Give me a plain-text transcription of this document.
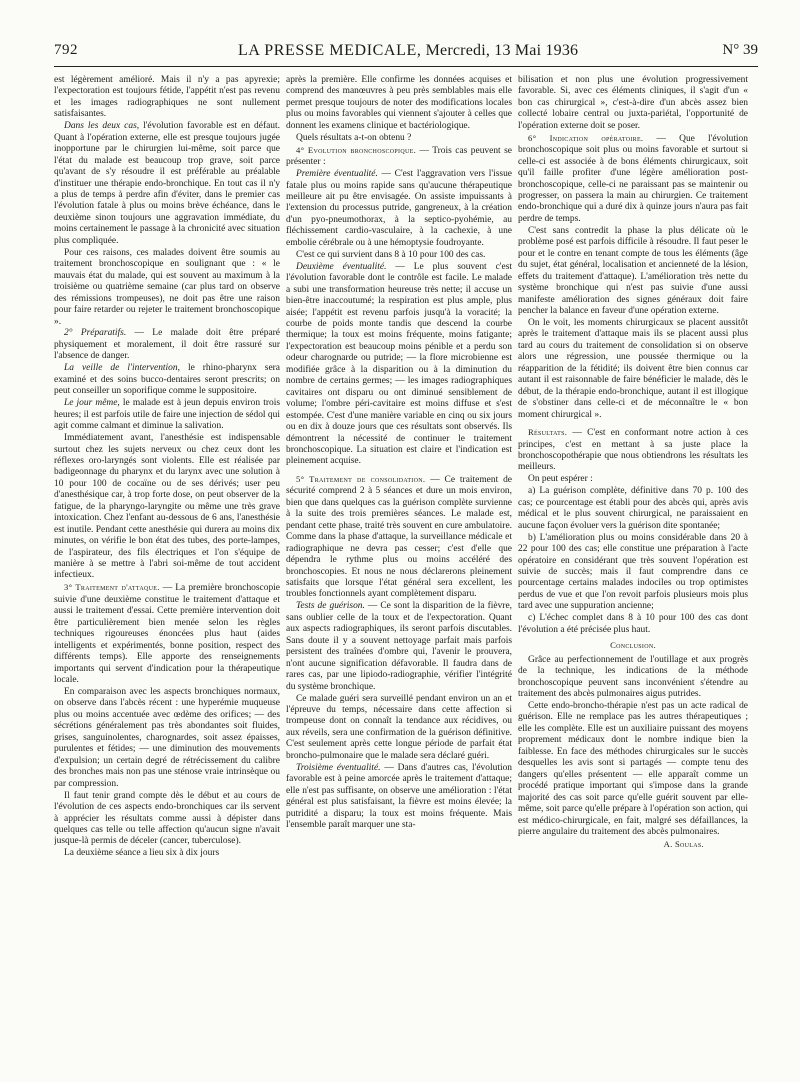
792	LA PRESSE MEDICALE, Mercredi, 13 Mai 1936	N° 39

est légèrement amélioré. Mais il n'y a pas apyrexie; l'expectoration est toujours fétide, l'appétit n'est pas revenu et les images radiographiques ne sont nullement satisfaisantes.

Dans les deux cas, l'évolution favorable est en défaut. Quant à l'opération externe, elle est presque toujours jugée inopportune par le chirurgien lui-même, soit parce que l'état du malade est beaucoup trop grave, soit parce qu'avant de s'y résoudre il est préférable au préalable d'instituer une thérapie endo-bronchique. En tout cas il n'y a plus de temps à perdre afin d'éviter, dans le premier cas l'évolution fatale à plus ou moins brève échéance, dans le deuxième sinon toujours une aggravation immédiate, du moins certainement le passage à la chronicité avec situation plus compliquée.

Pour ces raisons, ces malades doivent être soumis au traitement bronchoscopique en soulignant que : « le mauvais état du malade, qui est souvent au maximum à la troisième ou quatrième semaine (car plus tard on observe des rémissions trompeuses), ne doit pas être une raison pour faire retarder ou rejeter le traitement bronchoscopique ».

2° Préparatifs. — Le malade doit être préparé physiquement et moralement, il doit être rassuré sur l'absence de danger.

La veille de l'intervention, le rhino-pharynx sera examiné et des soins bucco-dentaires seront prescrits; on peut conseiller un soporifique comme le suppositoire.

Le jour même, le malade est à jeun depuis environ trois heures; il est parfois utile de faire une injection de sédol qui agit comme calmant et diminue la salivation.

Immédiatement avant, l'anesthésie est indispensable surtout chez les sujets nerveux ou chez ceux dont les réflexes oro-laryngés sont violents. Elle est réalisée par badigeonnage du pharynx et du larynx avec une solution à 10 pour 100 de cocaïne ou de ses dérivés; user peu d'anesthésique car, à trop forte dose, on peut observer de la fatigue, de la pharyngo-laryngite ou même une très grave intoxication. Chez l'enfant au-dessous de 6 ans, l'anesthésie est inutile. Pendant cette anesthésie qui durera au moins dix minutes, on vérifie le bon état des tubes, des porte-lampes, de l'aspirateur, des fils électriques et l'on s'équipe de manière à se mettre à l'abri soi-même de tout accident infectieux.

3° Traitement d'attaque. — La première bronchoscopie suivie d'une deuxième constitue le traitement d'attaque et aussi le traitement d'essai. Cette première intervention doit être particulièrement bien menée selon les règles techniques rigoureuses énoncées plus haut (aides intelligents et expérimentés, bonne position, respect des différents temps). Elle apporte des renseignements importants qui servent d'indication pour la thérapeutique locale.

En comparaison avec les aspects bronchiques normaux, on observe dans l'abcès récent : une hyperémie muqueuse plus ou moins accentuée avec œdème des orifices; — des sécrétions généralement pas très abondantes soit fluides, grises, sanguinolentes, charognardes, soit assez épaisses, purulentes et fétides; — une diminution des mouvements d'expulsion; un certain degré de rétrécissement du calibre des bronches mais non pas une sténose vraie intrinsèque ou par compression.

Il faut tenir grand compte dès le début et au cours de l'évolution de ces aspects endo-bronchiques car ils servent à apprécier les résultats comme aussi à dépister dans quelques cas telle ou telle affection qu'aucun signe n'avait jusque-là permis de déceler (cancer, tuberculose).

La deuxième séance a lieu six à dix jours

après la première. Elle confirme les données acquises et comprend des manœuvres à peu près semblables mais elle permet presque toujours de noter des modifications locales plus ou moins favorables qui viennent s'ajouter à celles que donnent les examens clinique et bactériologique.

Quels résultats a-t-on obtenu ?

4° Evolution bronchoscopique. — Trois cas peuvent se présenter :

Première éventualité. — C'est l'aggravation vers l'issue fatale plus ou moins rapide sans qu'aucune thérapeutique meilleure ait pu être envisagée. On assiste impuissants à l'extension du processus putride, gangreneux, à la création d'un pyo-pneumothorax, à la septico-pyohémie, au fléchissement cardio-vasculaire, à la cachexie, à une embolie cérébrale ou à une hémoptysie foudroyante.

C'est ce qui survient dans 8 à 10 pour 100 des cas.

Deuxième éventualité. — Le plus souvent c'est l'évolution favorable dont le contrôle est facile. Le malade a subi une transformation heureuse très nette; il accuse un bien-être inaccoutumé; la respiration est plus ample, plus aisée; l'appétit est revenu parfois jusqu'à la voracité; la courbe de poids monte tandis que descend la courbe thermique; la toux est moins fréquente, moins fatigante; l'expectoration est beaucoup moins pénible et a perdu son odeur charognarde ou putride; — la flore microbienne est modifiée grâce à la disparition ou à la diminution du nombre de certains germes; — les images radiographiques cavitaires ont disparu ou ont diminué sensiblement de volume; l'ombre péri-cavitaire est moins diffuse et s'est estompée. C'est d'une manière variable en cinq ou six jours ou en dix à douze jours que ces résultats sont observés. Ils démontrent la nécessité de continuer le traitement bronchoscopique. La situation est claire et l'indication est pleinement acquise.

5° Traitement de consolidation. — Ce traitement de sécurité comprend 2 à 5 séances et dure un mois environ, bien que dans quelques cas la guérison complète survienne à la suite des trois premières séances. Le malade est, pendant cette phase, traité très souvent en cure ambulatoire. Comme dans la phase d'attaque, la surveillance médicale et radiographique ne devra pas cesser; c'est d'elle que dépendra le rythme plus ou moins accéléré des bronchoscopies. Et nous ne nous déclarerons pleinement satisfaits que lorsque l'état général sera excellent, les troubles fonctionnels ayant complètement disparu.

Tests de guérison. — Ce sont la disparition de la fièvre, sans oublier celle de la toux et de l'expectoration. Quant aux aspects radiographiques, ils seront parfois discutables. Sans doute il y a souvent nettoyage parfait mais parfois persistent des traînées d'ombre qui, l'avenir le prouvera, n'ont aucune signification défavorable. Il faudra dans de rares cas, par une lipiodo-radiographie, vérifier l'intégrité du système bronchique.

Ce malade guéri sera surveillé pendant environ un an et l'épreuve du temps, nécessaire dans cette affection si trompeuse dont on connaît la tendance aux récidives, ou aux réveils, sera une confirmation de la guérison définitive. C'est seulement après cette longue période de parfait état broncho-pulmonaire que le malade sera déclaré guéri.

Troisième éventualité. — Dans d'autres cas, l'évolution favorable est à peine amorcée après le traitement d'attaque; elle n'est pas suffisante, on observe une amélioration : l'état général est plus satisfaisant, la fièvre est moins élevée; la putridité a disparu; la toux est moins fréquente. Mais l'ensemble paraît marquer une sta-

bilisation et non plus une évolution progressivement favorable. Si, avec ces éléments cliniques, il s'agit d'un « bon cas chirurgical », c'est-à-dire d'un abcès assez bien collecté lobaire central ou juxta-pariétal, l'opportunité de l'opération externe doit se poser.

6° Indication opératoire. — Que l'évolution bronchoscopique soit plus ou moins favorable et surtout si celle-ci est associée à de bons éléments chirurgicaux, soit qu'il faille profiter d'une légère amélioration post-bronchoscopique, celle-ci ne paraissant pas se maintenir ou progresser, on passera la main au chirurgien. Ce traitement endo-bronchique qui a duré dix à quinze jours n'aura pas fait perdre de temps.

C'est sans contredit la phase la plus délicate où le problème posé est parfois difficile à résoudre. Il faut peser le pour et le contre en tenant compte de tous les éléments (âge du sujet, état général, localisation et ancienneté de la lésion, effets du traitement d'attaque). L'amélioration très nette du système bronchique qui n'est pas suivie d'une aussi manifeste amélioration des signes généraux doit faire pencher la balance en faveur d'une opération externe.

On le voit, les moments chirurgicaux se placent aussitôt après le traitement d'attaque mais ils se placent aussi plus tard au cours du traitement de consolidation si on observe alors une régression, une poussée thermique ou la réapparition de la fétidité; ils doivent être bien connus car autant il est raisonnable de faire bénéficier le malade, dès le début, de la thérapie endo-bronchique, autant il est illogique de s'obstiner dans celle-ci et de méconnaître le « bon moment chirurgical ».

Résultats. — C'est en conformant notre action à ces principes, c'est en mettant à sa juste place la bronchoscopothérapie que nous obtiendrons les résultats les meilleurs.

On peut espérer :

a) La guérison complète, définitive dans 70 p. 100 des cas; ce pourcentage est établi pour des abcès qui, après avis médical et le plus souvent chirurgical, ne paraissaient en aucune façon évoluer vers la guérison dite spontanée;

b) L'amélioration plus ou moins considérable dans 20 à 22 pour 100 des cas; elle constitue une préparation à l'acte opératoire en considérant que très souvent l'opération est suivie de succès; mais il faut comprendre dans ce pourcentage certains malades indociles ou trop optimistes perdus de vue et que l'on revoit parfois plusieurs mois plus tard avec une suppuration ancienne;

c) L'échec complet dans 8 à 10 pour 100 des cas dont l'évolution a été précisée plus haut.

Conclusion.

Grâce au perfectionnement de l'outillage et aux progrès de la technique, les indications de la méthode bronchoscopique peuvent sans inconvénient s'étendre au traitement des abcès pulmonaires aigus putrides.

Cette endo-broncho-thérapie n'est pas un acte radical de guérison. Elle ne remplace pas les autres thérapeutiques ; elle les complète. Elle est un auxiliaire puissant des moyens proprement médicaux dont le nombre indique bien la faiblesse. En face des méthodes chirurgicales sur le succès desquelles les avis sont si partagés — compte tenu des dangers qu'elles présentent — elle apparaît comme un procédé pratique important qui s'impose dans la grande majorité des cas soit parce qu'elle guérit souvent par elle-même, soit parce qu'elle prépare à l'opération son action, qui est médico-chirurgicale, en fait, malgré ses défaillances, la pierre angulaire du traitement des abcès pulmonaires.

A. Soulas.
